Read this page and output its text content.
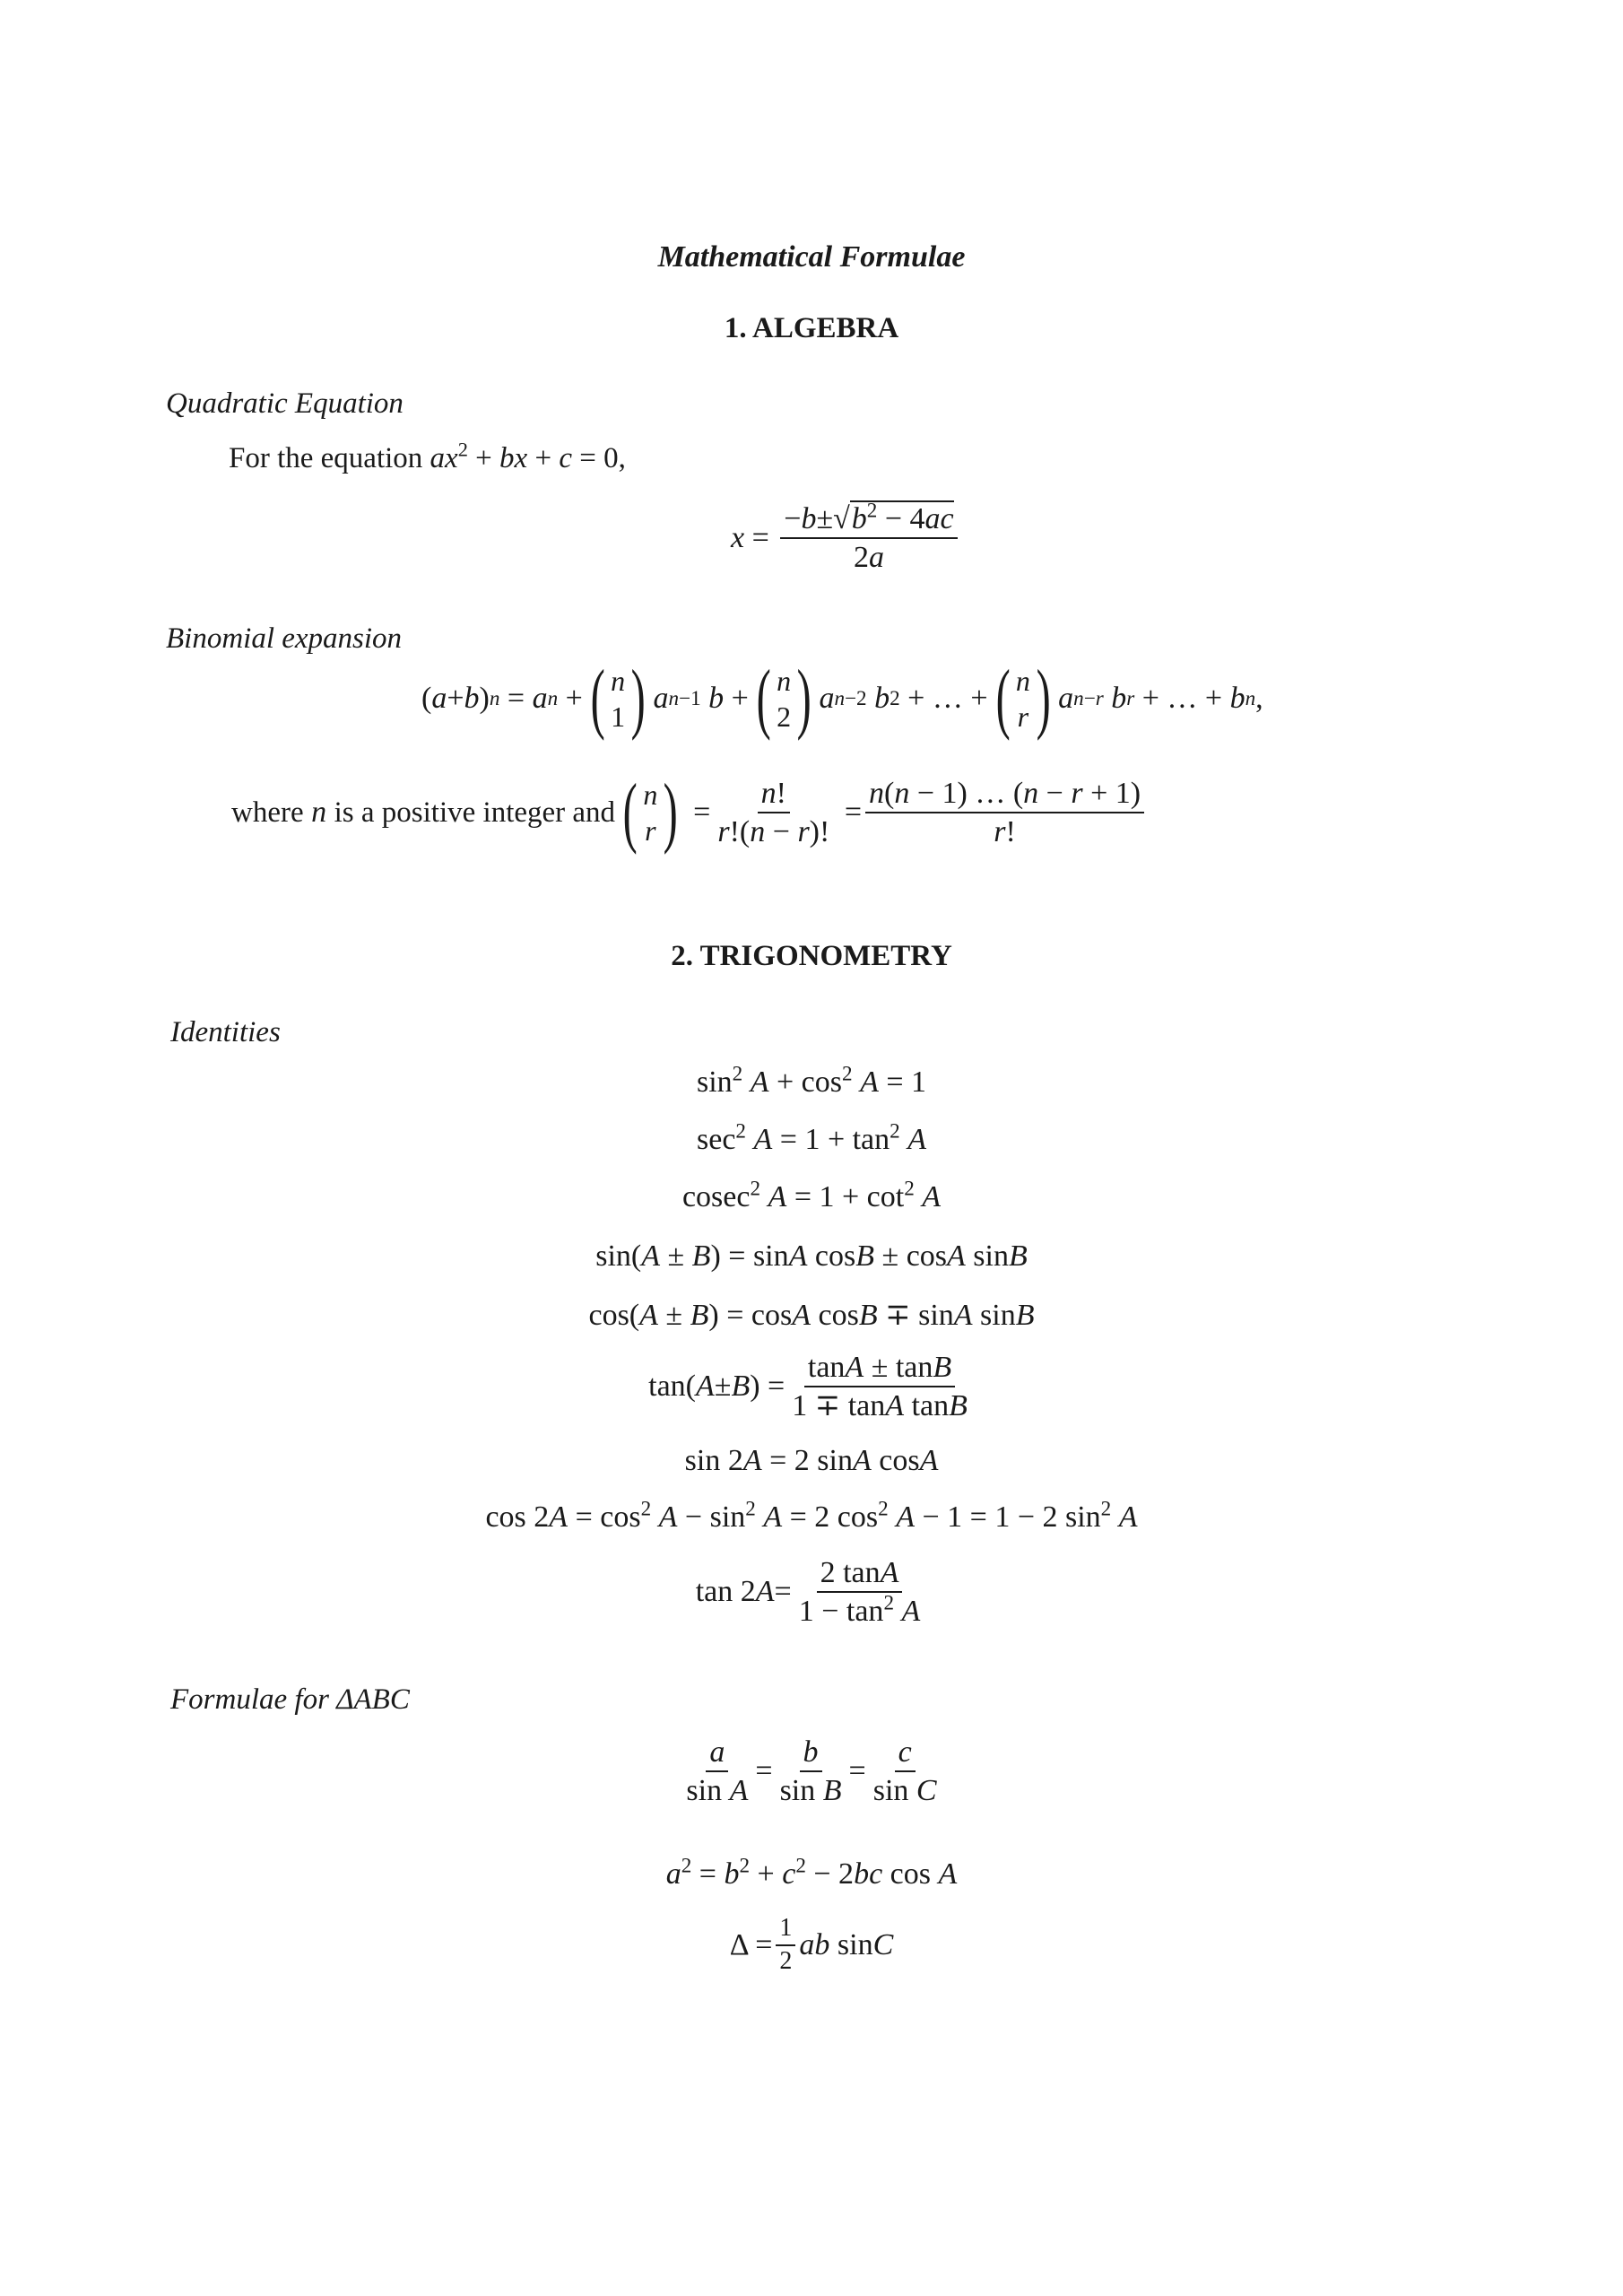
Mathematical Formulae
1. ALGEBRA
Quadratic Equation
For the equation $ax^2$ + bx + c = 0,
$x = \frac{-b\pm√b^2 - 4ac}{2a}$
Binomial expansion
( a + b ) n = a n + ( n
1 ) a n−1
b + ( n
2 ) a n−2
b 2 + … + ( n
r ) a n−r
b r + … + b n ,
where
n
is a positive integer and ( n
r ) = $\frac{n!}{r!(n - r)!} = \frac{n(n - 1) \dots (n - r + 1)}{r!}$
2. TRIGONOMETRY
Identities
$\sin^2 A + \cos^2 A = 1$
$\sec^2 A = 1 + \tan^2 A$
cosec$^2$ $A = 1 + \cot^2 A$
sin(A ± B) = sinA cosB ± cosA sinB
cos(A ± B) = cosA cosB ∓ sinA sinB
tan( A ± B ) = $\frac{\tan A \pm \tan B}{\text{1 ∓ tanA tanB}}$
sin 2A = 2 sinA cosA
$\cos 2A = \cos^2 A - \sin^2 A = 2$ $\cos^2 A - 1 = 1 - 2$ $\sin^2 A$
tan 2 $A = \frac{2 \tan A}{1 - \tan^2 A}$
Formulae for ΔABC
$\frac{a}{\text{sin A}} = \frac{b}{\text{sin B}} = \frac{c}{\text{sin C}}$
$a^2 = b^2 + c^2 - 2bc$ cos A
$\Delta = \frac{1}{2}$ ab sin C
